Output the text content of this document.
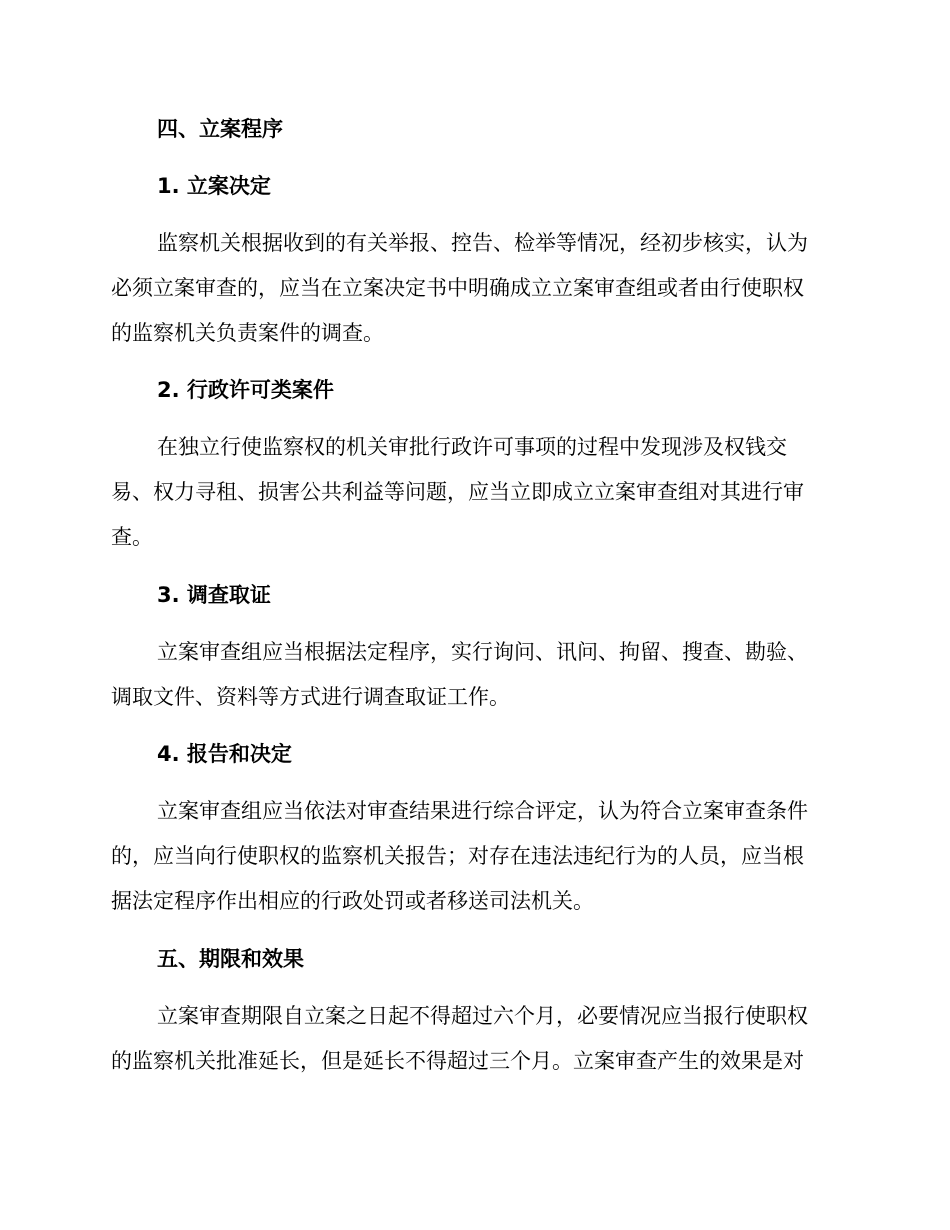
四、立案程序
1. 立案决定
监察机关根据收到的有关举报、控告、检举等情况，经初步核实，认为
必须立案审查的，应当在立案决定书中明确成立立案审查组或者由行使职权
的监察机关负责案件的调查。
2. 行政许可类案件
在独立行使监察权的机关审批行政许可事项的过程中发现涉及权钱交
易、权力寻租、损害公共利益等问题，应当立即成立立案审查组对其进行审
查。
3. 调查取证
立案审查组应当根据法定程序，实行询问、讯问、拘留、搜查、勘验、
调取文件、资料等方式进行调查取证工作。
4. 报告和决定
立案审查组应当依法对审查结果进行综合评定，认为符合立案审查条件
的，应当向行使职权的监察机关报告；对存在违法违纪行为的人员，应当根
据法定程序作出相应的行政处罚或者移送司法机关。
五、期限和效果
立案审查期限自立案之日起不得超过六个月，必要情况应当报行使职权
的监察机关批准延长，但是延长不得超过三个月。立案审查产生的效果是对
